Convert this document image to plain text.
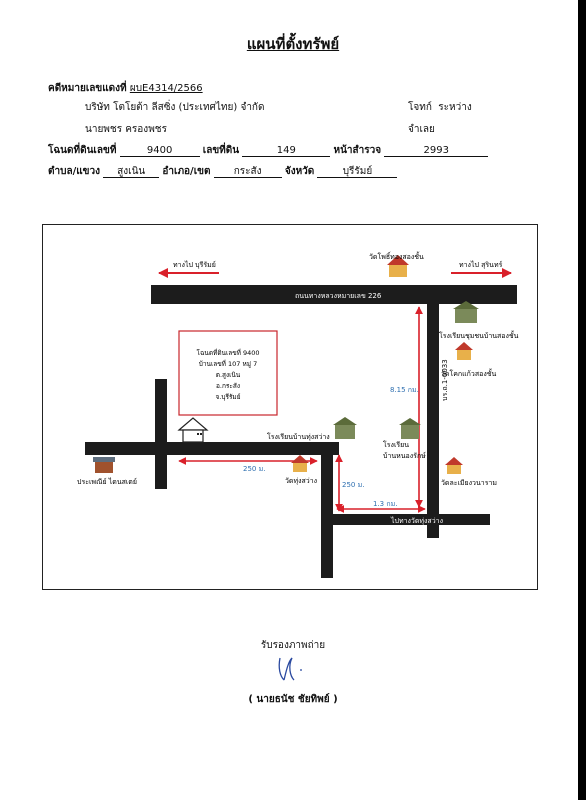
แผนที่ตั้งทรัพย์
คดีหมายเลขแดงที่ ผบE4314/2566
บริษัท โตโยต้า ลีสซิ่ง (ประเทศไทย) จำกัด	โจทก์ ระหว่าง
นายพชร ครองพชร	จำเลย
โฉนดที่ดินเลขที่	9400	เลขที่ดิน	149	หน้าสำรวจ	2993
ตำบล/แขวง สูงเนิน อำเภอ/เขต กระสัง จังหวัด	บุรีรัมย์
ทางไป บุรีรัมย์	ทางไป สุรินทร์
ถนนทางหลวงหมายเลข 226
8.15 กม.
250 ม.
250 ม.
1.3 กม.
บร.ถ.1-0033
ไปทางวัดทุ่งสว่าง
วัดโพธิ์ทองสองชั้น
โรงเรียนชุมชนบ้านสองชั้น
วัดโคกแก้วสองชั้น
โรงเรียนบ้านทุ่งสว่าง
โรงเรียน
บ้านหนองรักษ์
วัดทุ่งสว่าง	วัดละเมียงวนาราม
ประเพณีย์ ไดนสเตย์
โฉนดที่ดินเลขที่ 9400
บ้านเลขที่ 107 หมู่ 7
ต.สูงเนิน
อ.กระสัง
จ.บุรีรัมย์
รับรองภาพถ่าย
( นายธนัช ชัยทิพย์ )
